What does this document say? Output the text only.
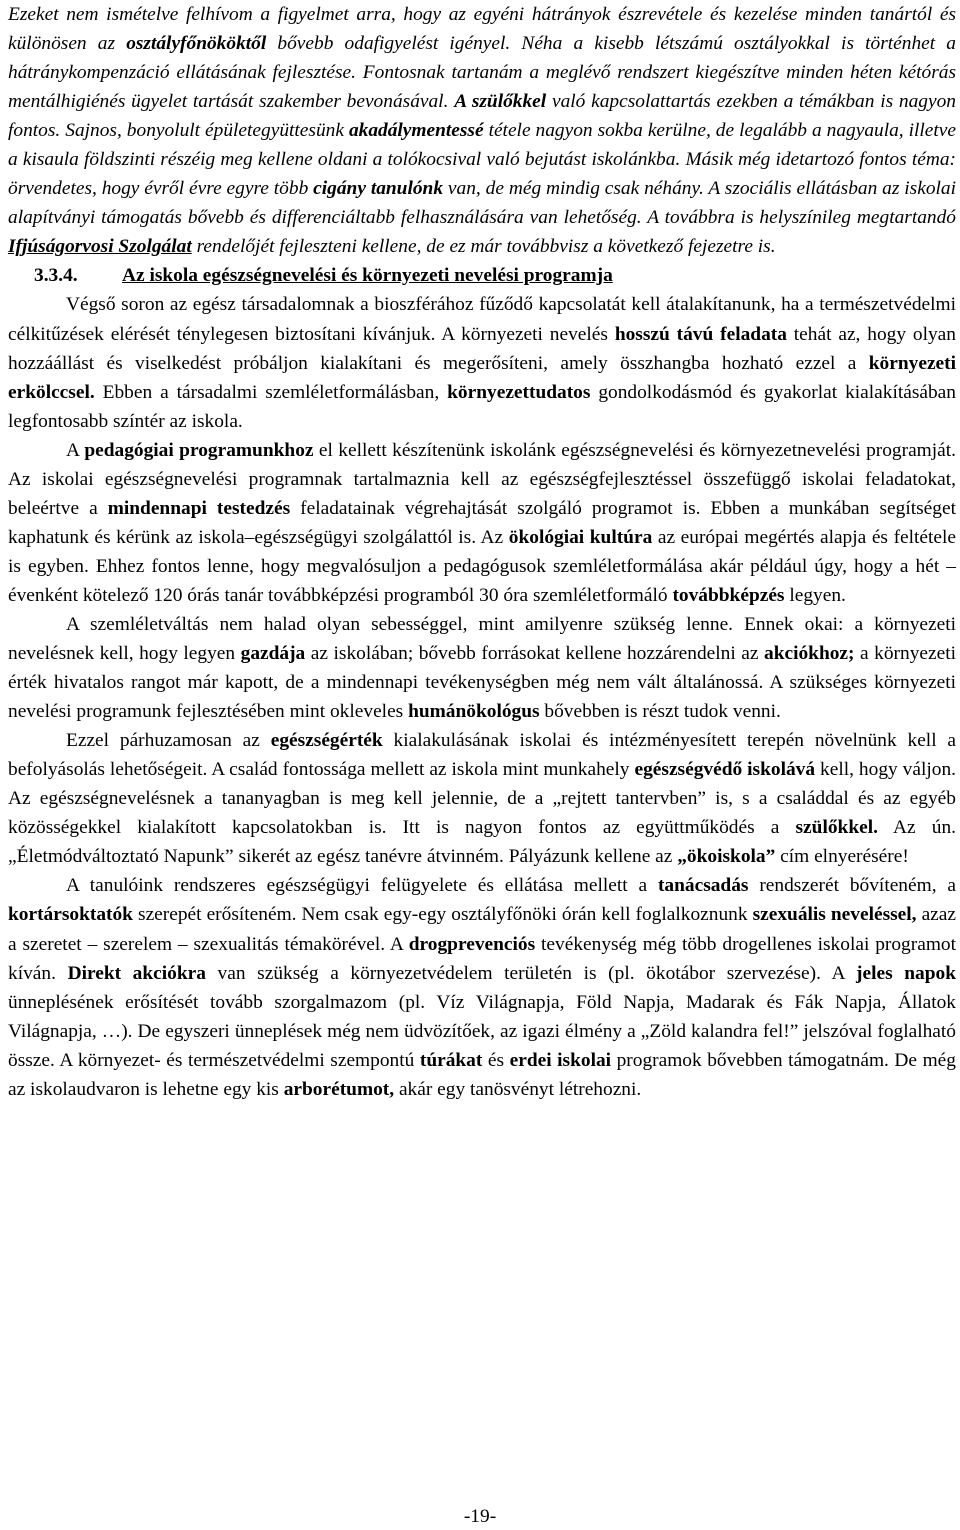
Ezeket nem ismételve felhívom a figyelmet arra, hogy az egyéni hátrányok észrevétele és kezelése minden tanártól és különösen az osztályfőnököktől bővebb odafigyelést igényel. Néha a kisebb létszámú osztályokkal is történhet a hátránykompenzáció ellátásának fejlesztése. Fontosnak tartanám a meglévő rendszert kiegészítve minden héten kétórás mentálhigiénés ügyelet tartását szakember bevonásával. A szülőkkel való kapcsolattartás ezekben a témákban is nagyon fontos. Sajnos, bonyolult épületegyüttesünk akadálymentessé tétele nagyon sokba kerülne, de legalább a nagyaula, illetve a kisaula földszinti részéig meg kellene oldani a tolókocsival való bejutást iskolánkba. Másik még idetartozó fontos téma: örvendetes, hogy évről évre egyre több cigány tanulónk van, de még mindig csak néhány. A szociális ellátásban az iskolai alapítványi támogatás bővebb és differenciáltabb felhasználására van lehetőség. A továbbra is helyszínileg megtartandó Ifjúságorvosi Szolgálat rendelőjét fejleszteni kellene, de ez már továbbvisz a következő fejezetre is.

3.3.4. Az iskola egészségnevelési és környezeti nevelési programja

Végső soron az egész társadalomnak a bioszférához fűződő kapcsolatát kell átalakítanunk, ha a természetvédelmi célkitűzések elérését ténylegesen biztosítani kívánjuk. A környezeti nevelés hosszú távú feladata tehát az, hogy olyan hozzáállást és viselkedést próbáljon kialakítani és megerősíteni, amely összhangba hozható ezzel a környezeti erkölccsel. Ebben a társadalmi szemléletformálásban, környezettudatos gondolkodásmód és gyakorlat kialakításában legfontosabb színtér az iskola.

A pedagógiai programunkhoz el kellett készítenünk iskolánk egészségnevelési és környezetnevelési programját. Az iskolai egészségnevelési programnak tartalmaznia kell az egészségfejlesztéssel összefüggő iskolai feladatokat, beleértve a mindennapi testedzés feladatainak végrehajtását szolgáló programot is. Ebben a munkában segítséget kaphatunk és kérünk az iskola–egészségügyi szolgálattól is. Az ökológiai kultúra az európai megértés alapja és feltétele is egyben. Ehhez fontos lenne, hogy megvalósuljon a pedagógusok szemléletformálása akár például úgy, hogy a hét – évenként kötelező 120 órás tanár továbbképzési programból 30 óra szemléletformáló továbbképzés legyen.

A szemléletváltás nem halad olyan sebességgel, mint amilyenre szükség lenne. Ennek okai: a környezeti nevelésnek kell, hogy legyen gazdája az iskolában; bővebb forrásokat kellene hozzárendelni az akciókhoz; a környezeti érték hivatalos rangot már kapott, de a mindennapi tevékenységben még nem vált általánossá. A szükséges környezeti nevelési programunk fejlesztésében mint okleveles humánökológus bővebben is részt tudok venni.

Ezzel párhuzamosan az egészségérték kialakulásának iskolai és intézményesített terepén növelnünk kell a befolyásolás lehetőségeit. A család fontossága mellett az iskola mint munkahely egészségvédő iskolává kell, hogy váljon. Az egészségnevelésnek a tananyagban is meg kell jelennie, de a „rejtett tantervben” is, s a családdal és az egyéb közösségekkel kialakított kapcsolatokban is. Itt is nagyon fontos az együttműködés a szülőkkel. Az ún. „Életmódváltoztató Napunk” sikerét az egész tanévre átvinném. Pályázunk kellene az „ökoiskola” cím elnyerésére!

A tanulóink rendszeres egészségügyi felügyelete és ellátása mellett a tanácsadás rendszerét bővíteném, a kortársoktatók szerepét erősíteném. Nem csak egy-egy osztályfőnöki órán kell foglalkoznunk szexuális neveléssel, azaz a szeretet – szerelem – szexualitás témakörével. A drogprevenciós tevékenység még több drogellenes iskolai programot kíván. Direkt akciókra van szükség a környezetvédelem területén is (pl. ökotábor szervezése). A jeles napok ünneplésének erősítését tovább szorgalmazom (pl. Víz Világnapja, Föld Napja, Madarak és Fák Napja, Állatok Világnapja, …). De egyszeri ünneplések még nem üdvözítőek, az igazi élmény a „Zöld kalandra fel!” jelszóval foglalható össze. A környezet- és természetvédelmi szempontú túrákat és erdei iskolai programok bővebben támogatnám. De még az iskolaudvaron is lehetne egy kis arborétumot, akár egy tanösvényt létrehozni.

-19-
